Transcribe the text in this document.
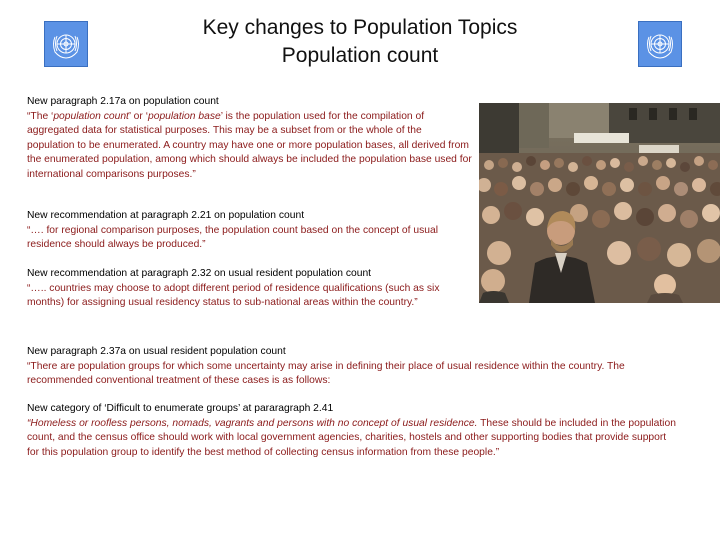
Key changes to Population Topics
Population count
New paragraph 2.17a on population count
“The ‘population count’ or ‘population base’ is the population used for the compilation of aggregated data for statistical purposes. This may be a subset from or the whole of the population to be enumerated. A country may have one or more population bases, all derived from the enumerated population, among which should always be included the population base used for international comparisons purposes.”
New recommendation at paragraph 2.21 on population count
“…. for regional comparison purposes, the population count based on the concept of usual residence should always be produced.”
New recommendation at paragraph 2.32 on usual resident population count
“….. countries may choose to adopt different period of residence qualifications (such as six months) for assigning usual residency status to sub-national areas within the country.”
New paragraph 2.37a on usual resident population count
“There are population groups for which some uncertainty may arise in defining their place of usual residence within the country. The recommended conventional treatment of these cases is as follows:
New category of ‘Difficult to enumerate groups’ at pararagraph 2.41
“Homeless or roofless persons, nomads, vagrants and persons with no concept of usual residence. These should be included in the population count, and the census office should work with local government agencies, charities, hostels and other supporting bodies that provide support for this population group to identify the best method of collecting census information from these people.”
